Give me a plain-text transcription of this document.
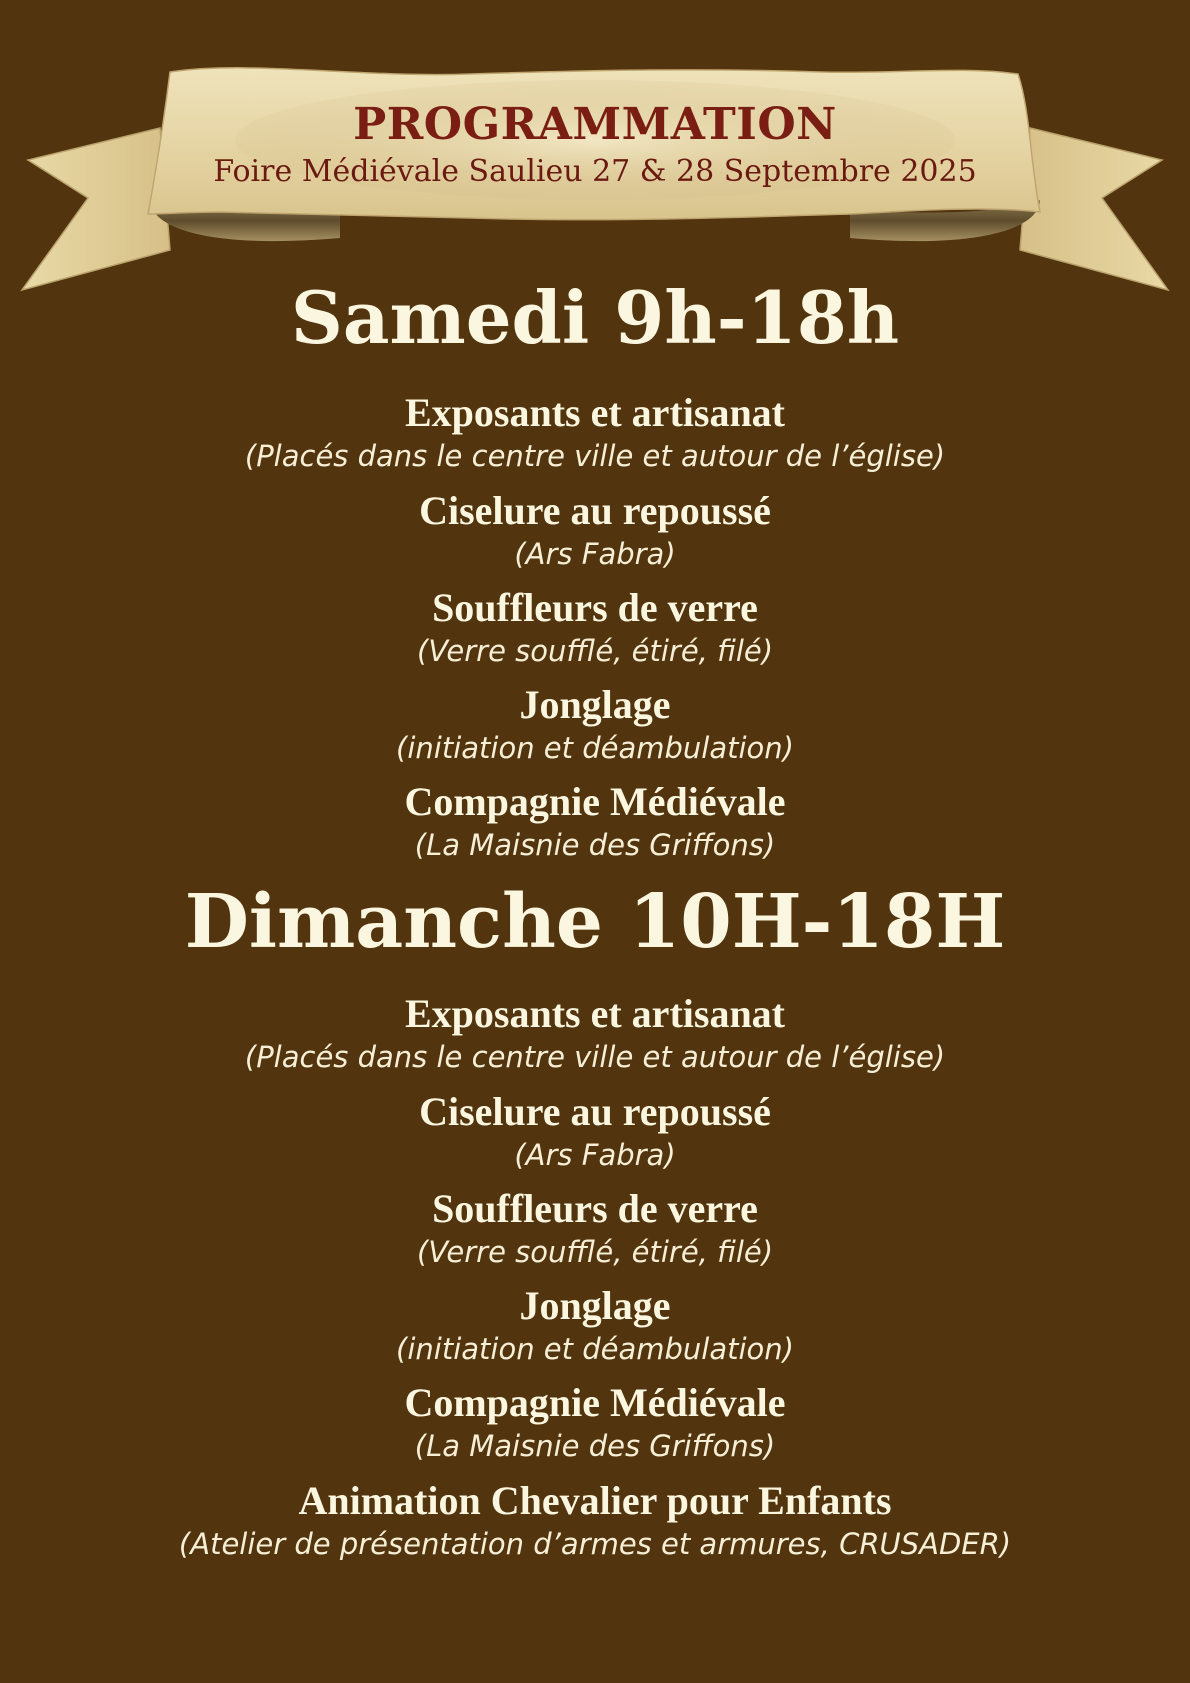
PROGRAMMATION
Foire Médiévale Saulieu 27 & 28 Septembre 2025
Samedi 9h-18h
Exposants et artisanat
(Placés dans le centre ville et autour de l’église)
Ciselure au repoussé
(Ars Fabra)
Souffleurs de verre
(Verre soufflé, étiré, filé)
Jonglage
(initiation et déambulation)
Compagnie Médiévale
(La Maisnie des Griffons)
Dimanche 10H-18H
Exposants et artisanat
(Placés dans le centre ville et autour de l’église)
Ciselure au repoussé
(Ars Fabra)
Souffleurs de verre
(Verre soufflé, étiré, filé)
Jonglage
(initiation et déambulation)
Compagnie Médiévale
(La Maisnie des Griffons)
Animation Chevalier pour Enfants
(Atelier de présentation d’armes et armures, CRUSADER)
